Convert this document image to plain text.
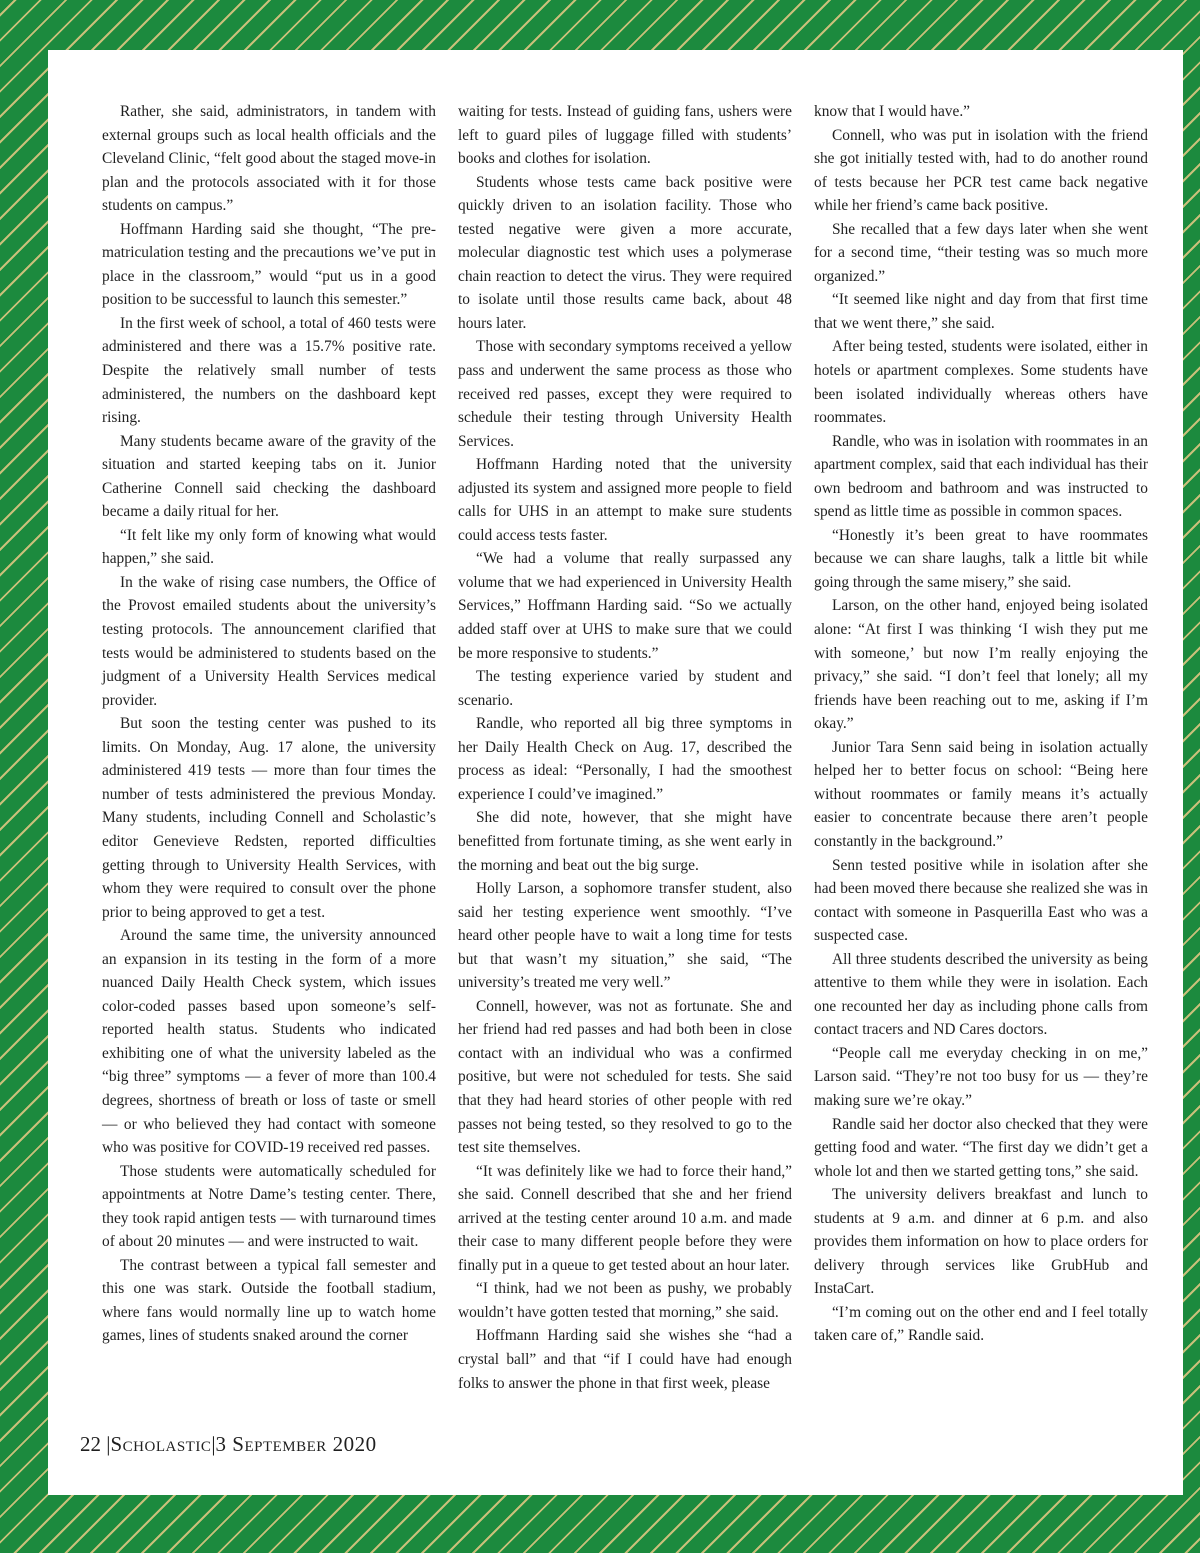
Rather, she said, administrators, in tandem with external groups such as local health officials and the Cleveland Clinic, “felt good about the staged move-in plan and the protocols associated with it for those students on campus.”

Hoffmann Harding said she thought, “The pre-matriculation testing and the precautions we’ve put in place in the classroom,” would “put us in a good position to be successful to launch this semester.”

In the first week of school, a total of 460 tests were administered and there was a 15.7% positive rate. Despite the relatively small number of tests administered, the numbers on the dashboard kept rising.

Many students became aware of the gravity of the situation and started keeping tabs on it. Junior Catherine Connell said checking the dashboard became a daily ritual for her.

“It felt like my only form of knowing what would happen,” she said.

In the wake of rising case numbers, the Office of the Provost emailed students about the university’s testing protocols. The announcement clarified that tests would be administered to students based on the judgment of a University Health Services medical provider.

But soon the testing center was pushed to its limits. On Monday, Aug. 17 alone, the university administered 419 tests — more than four times the number of tests administered the previous Monday. Many students, including Connell and Scholastic’s editor Genevieve Redsten, reported difficulties getting through to University Health Services, with whom they were required to consult over the phone prior to being approved to get a test.

Around the same time, the university announced an expansion in its testing in the form of a more nuanced Daily Health Check system, which issues color-coded passes based upon someone’s self-reported health status. Students who indicated exhibiting one of what the university labeled as the “big three” symptoms — a fever of more than 100.4 degrees, shortness of breath or loss of taste or smell — or who believed they had contact with someone who was positive for COVID-19 received red passes.

Those students were automatically scheduled for appointments at Notre Dame’s testing center. There, they took rapid antigen tests — with turnaround times of about 20 minutes — and were instructed to wait.

The contrast between a typical fall semester and this one was stark. Outside the football stadium, where fans would normally line up to watch home games, lines of students snaked around the corner

waiting for tests. Instead of guiding fans, ushers were left to guard piles of luggage filled with students’ books and clothes for isolation.

Students whose tests came back positive were quickly driven to an isolation facility. Those who tested negative were given a more accurate, molecular diagnostic test which uses a polymerase chain reaction to detect the virus. They were required to isolate until those results came back, about 48 hours later.

Those with secondary symptoms received a yellow pass and underwent the same process as those who received red passes, except they were required to schedule their testing through University Health Services.

Hoffmann Harding noted that the university adjusted its system and assigned more people to field calls for UHS in an attempt to make sure students could access tests faster.

“We had a volume that really surpassed any volume that we had experienced in University Health Services,” Hoffmann Harding said. “So we actually added staff over at UHS to make sure that we could be more responsive to students.”

The testing experience varied by student and scenario.

Randle, who reported all big three symptoms in her Daily Health Check on Aug. 17, described the process as ideal: “Personally, I had the smoothest experience I could’ve imagined.”

She did note, however, that she might have benefitted from fortunate timing, as she went early in the morning and beat out the big surge.

Holly Larson, a sophomore transfer student, also said her testing experience went smoothly. “I’ve heard other people have to wait a long time for tests but that wasn’t my situation,” she said, “The university’s treated me very well.”

Connell, however, was not as fortunate. She and her friend had red passes and had both been in close contact with an individual who was a confirmed positive, but were not scheduled for tests. She said that they had heard stories of other people with red passes not being tested, so they resolved to go to the test site themselves.

“It was definitely like we had to force their hand,” she said. Connell described that she and her friend arrived at the testing center around 10 a.m. and made their case to many different people before they were finally put in a queue to get tested about an hour later.

“I think, had we not been as pushy, we probably wouldn’t have gotten tested that morning,” she said.

Hoffmann Harding said she wishes she “had a crystal ball” and that “if I could have had enough folks to answer the phone in that first week, please

know that I would have.”

Connell, who was put in isolation with the friend she got initially tested with, had to do another round of tests because her PCR test came back negative while her friend’s came back positive.

She recalled that a few days later when she went for a second time, “their testing was so much more organized.”

“It seemed like night and day from that first time that we went there,” she said.

After being tested, students were isolated, either in hotels or apartment complexes. Some students have been isolated individually whereas others have roommates.

Randle, who was in isolation with roommates in an apartment complex, said that each individual has their own bedroom and bathroom and was instructed to spend as little time as possible in common spaces.

“Honestly it’s been great to have roommates because we can share laughs, talk a little bit while going through the same misery,” she said.

Larson, on the other hand, enjoyed being isolated alone: “At first I was thinking ‘I wish they put me with someone,’ but now I’m really enjoying the privacy,” she said. “I don’t feel that lonely; all my friends have been reaching out to me, asking if I’m okay.”

Junior Tara Senn said being in isolation actually helped her to better focus on school: “Being here without roommates or family means it’s actually easier to concentrate because there aren’t people constantly in the background.”

Senn tested positive while in isolation after she had been moved there because she realized she was in contact with someone in Pasquerilla East who was a suspected case.

All three students described the university as being attentive to them while they were in isolation. Each one recounted her day as including phone calls from contact tracers and ND Cares doctors.

“People call me everyday checking in on me,” Larson said. “They’re not too busy for us — they’re making sure we’re okay.”

Randle said her doctor also checked that they were getting food and water. “The first day we didn’t get a whole lot and then we started getting tons,” she said.

The university delivers breakfast and lunch to students at 9 a.m. and dinner at 6 p.m. and also provides them information on how to place orders for delivery through services like GrubHub and InstaCart.

“I’m coming out on the other end and I feel totally taken care of,” Randle said.

22 |Scholastic|3 September 2020
